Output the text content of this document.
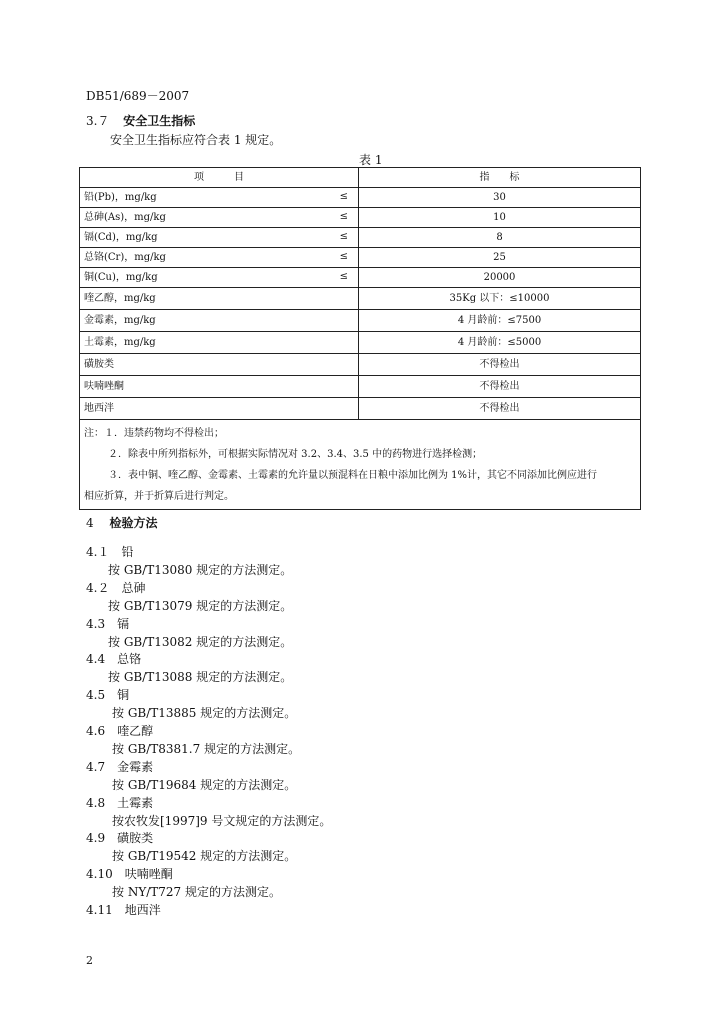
DB51/689－2007
3.７ 安全卫生指标
安全卫生指标应符合表 1 规定。
表 1
项　　　目	指　　标
铅(Pb)，mg/kg ≤	30
总砷(As)，mg/kg ≤	10
镉(Cd)，mg/kg ≤	8
总铬(Cr)，mg/kg ≤	25
铜(Cu)，mg/kg ≤	20000
喹乙醇，mg/kg	35Kg 以下：≤10000
金霉素，mg/kg	4 月龄前：≤7500
土霉素，mg/kg	4 月龄前：≤5000
磺胺类	不得检出
呋喃唑酮	不得检出
地西泮	不得检出

注：１．违禁药物均不得检出；
２．除表中所列指标外，可根据实际情况对 3.2、3.4、3.5 中的药物进行选择检测；
３．表中铜、喹乙醇、金霉素、土霉素的允许量以预混料在日粮中添加比例为 1%计，其它不同添加比例应进行
相应折算，并于折算后进行判定。	
4 检验方法
4.１ 铅
按 GB/T13080 规定的方法测定。
4.２ 总砷
按 GB/T13079 规定的方法测定。
4.3 镉
按 GB/T13082 规定的方法测定。
4.4 总铬
按 GB/T13088 规定的方法测定。
4.5 铜
按 GB/T13885 规定的方法测定。
4.6 喹乙醇
按 GB/T8381.7 规定的方法测定。
4.7 金霉素
按 GB/T19684 规定的方法测定。
4.8 土霉素
按农牧发[1997]9 号文规定的方法测定。
4.9 磺胺类
按 GB/T19542 规定的方法测定。
4.10 呋喃唑酮
按 NY/T727 规定的方法测定。
4.11 地西泮
2
